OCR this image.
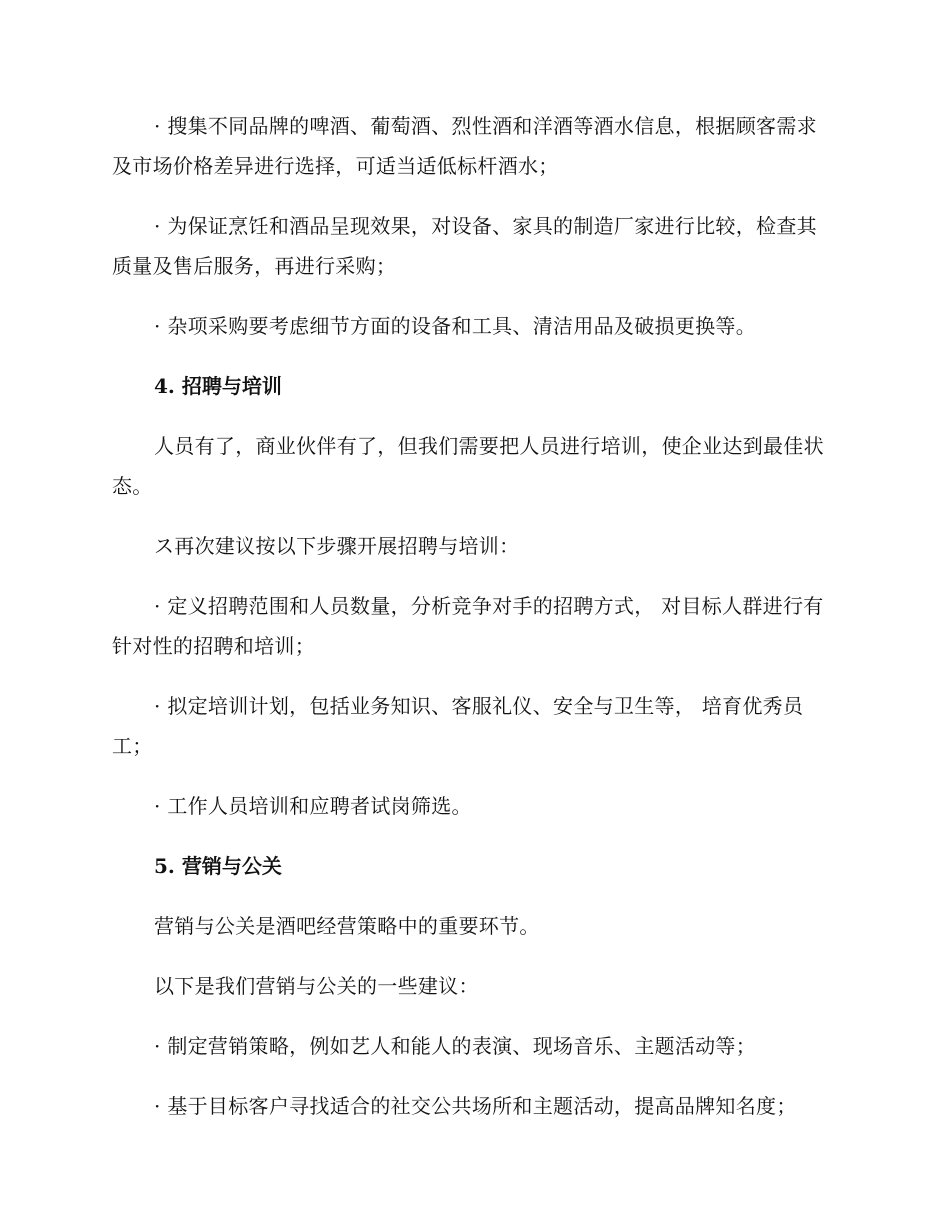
· 搜集不同品牌的啤酒、葡萄酒、烈性酒和洋酒等酒水信息，根据顾客需求及市场价格差异进行选择，可适当适低标杆酒水；

· 为保证烹饪和酒品呈现效果，对设备、家具的制造厂家进行比较，检查其质量及售后服务，再进行采购；

· 杂项采购要考虑细节方面的设备和工具、清洁用品及破损更换等。

4. 招聘与培训

人员有了，商业伙伴有了，但我们需要把人员进行培训，使企业达到最佳状态。

ス再次建议按以下步骤开展招聘与培训：

· 定义招聘范围和人员数量，分析竞争对手的招聘方式， 对目标人群进行有针对性的招聘和培训；

· 拟定培训计划，包括业务知识、客服礼仪、安全与卫生等， 培育优秀员工；

· 工作人员培训和应聘者试岗筛选。

5. 营销与公关

营销与公关是酒吧经营策略中的重要环节。

以下是我们营销与公关的一些建议：

· 制定营销策略，例如艺人和能人的表演、现场音乐、主题活动等；

· 基于目标客户寻找适合的社交公共场所和主题活动，提高品牌知名度；
